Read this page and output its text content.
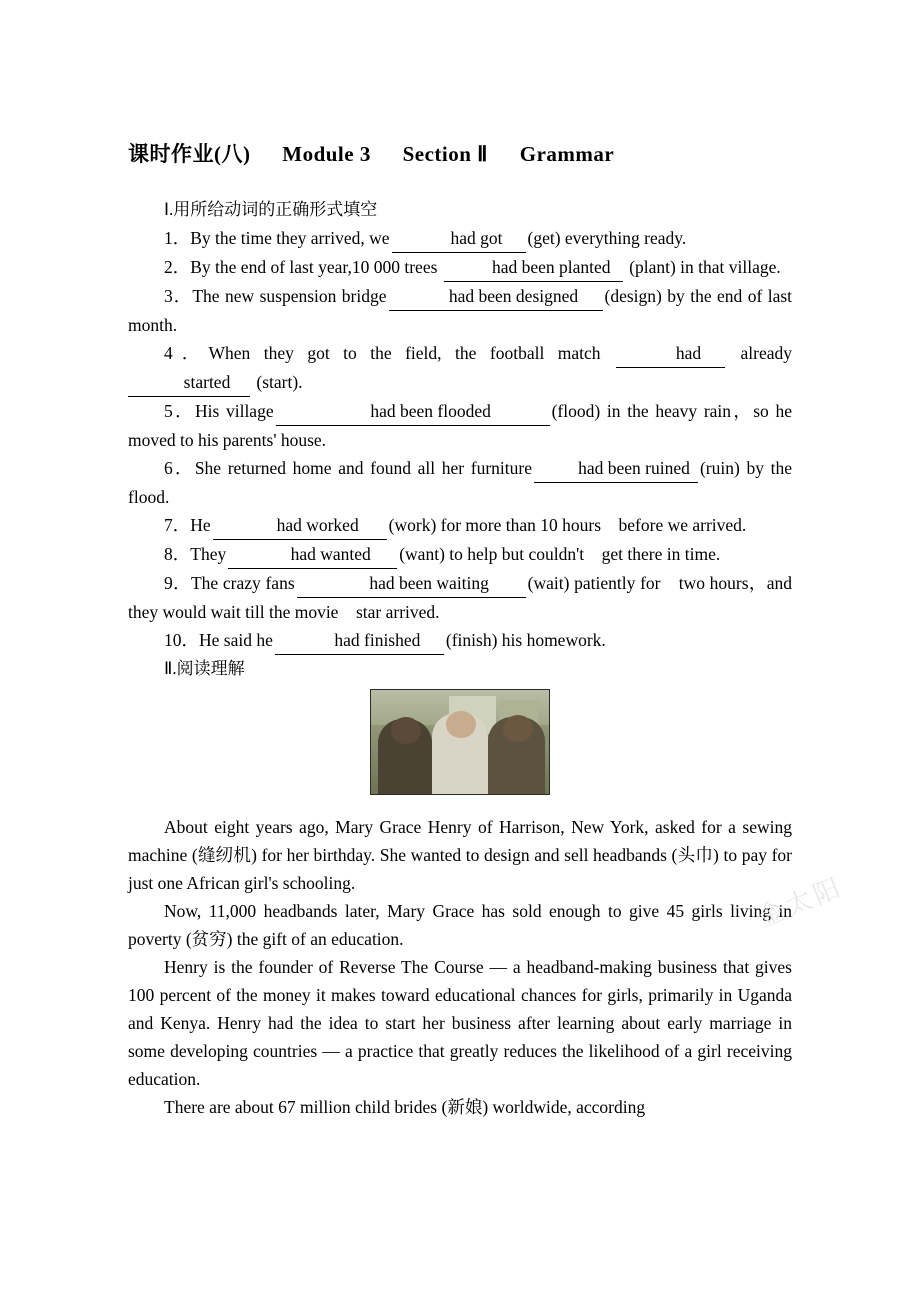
课时作业(八) Module 3 Section Ⅱ Grammar

Ⅰ.用所给动词的正确形式填空

1．By the time they arrived, we	had got (get) everything ready.

2．By the end of last year,10 000 trees	had been planted (plant) in that village.

3．The new suspension bridge	had been designed (design) by the end of last month.

4．When they got to the field, the football match	had already started (start).

5．His village	had been flooded	(flood) in the heavy rain，so he moved to his parents' house.

6．She returned home and found all her furniture	had been ruined (ruin) by the flood.

7．He	had worked (work) for more than 10 hours　before we arrived.

8．They	had wanted (want) to help but couldn't　get there in time.

9．The crazy fans	had been waiting (wait) patiently for　two hours，and they would wait till the movie　star arrived.

10．He said he	had finished (finish) his homework.

Ⅱ.阅读理解

About eight years ago, Mary Grace Henry of Harrison, New York, asked for a sewing machine (缝纫机) for her birthday. She wanted to design and sell headbands (头巾) to pay for just one African girl's schooling.

Now, 11,000 headbands later, Mary Grace has sold enough to give 45 girls living in poverty (贫穷) the gift of an education.

Henry is the founder of Reverse The Course — a headband-making business that gives 100 percent of the money it makes toward educational chances for girls, primarily in Uganda and Kenya. Henry had the idea to start her business after learning about early marriage in some developing countries — a practice that greatly reduces the likelihood of a girl receiving education.

There are about 67 million child brides (新娘) worldwide, according

金太阳
